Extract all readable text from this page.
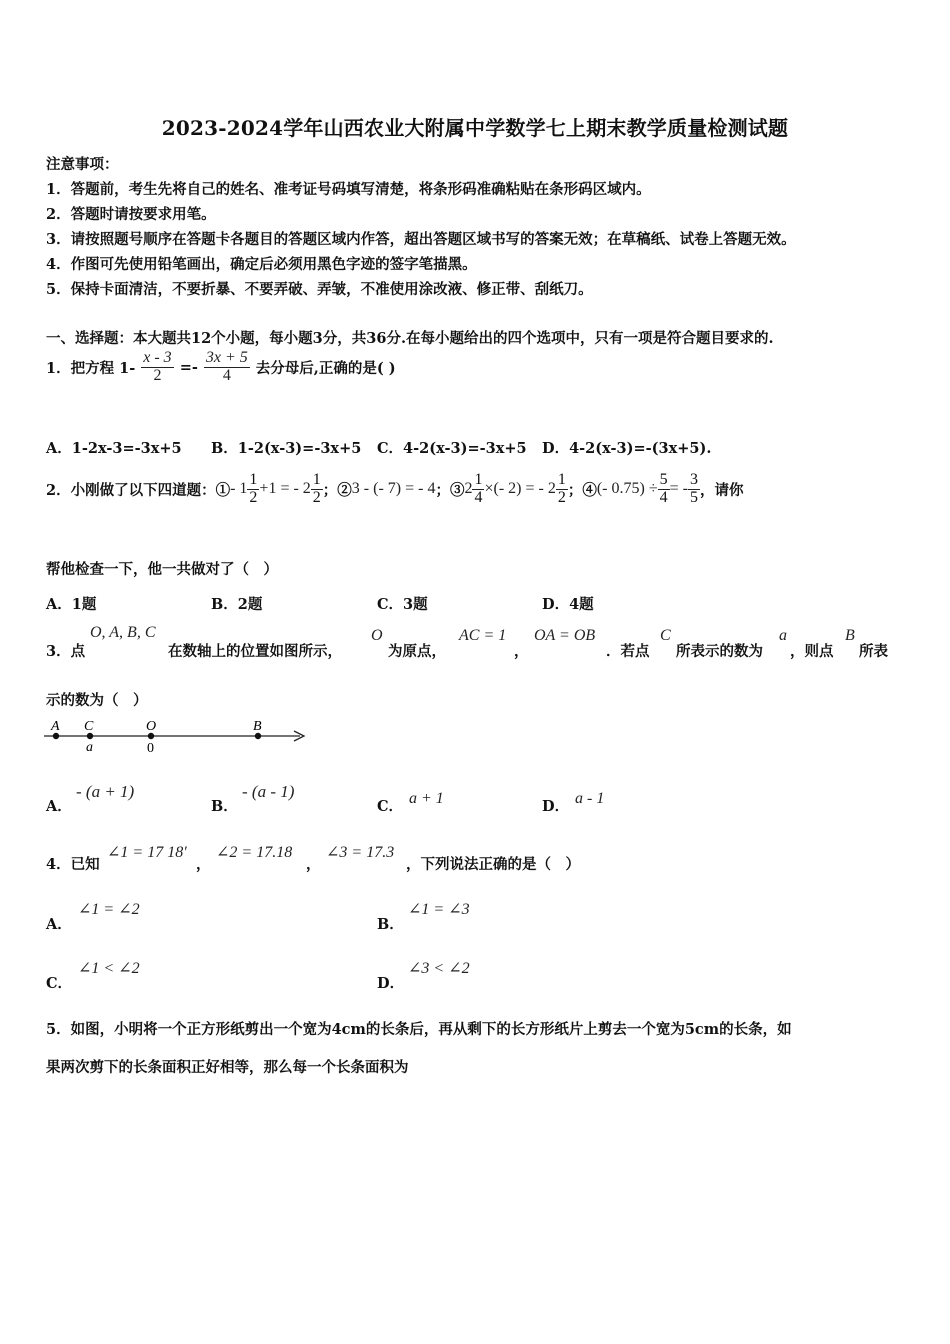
2023-2024学年山西农业大附属中学数学七上期末教学质量检测试题
注意事项：
1．答题前，考生先将自己的姓名、准考证号码填写清楚，将条形码准确粘贴在条形码区域内。
2．答题时请按要求用笔。
3．请按照题号顺序在答题卡各题目的答题区域内作答，超出答题区域书写的答案无效；在草稿纸、试卷上答题无效。
4．作图可先使用铅笔画出，确定后必须用黑色字迹的签字笔描黑。
5．保持卡面清洁，不要折暴、不要弄破、弄皱，不准使用涂改液、修正带、刮纸刀。
一、选择题：本大题共12个小题，每小题3分，共36分.在每小题给出的四个选项中，只有一项是符合题目要求的.
1．把方程 $1- \frac{x - 3}{2} =- \frac{3x + 5}{4}$ 去分母后,正确的是( )
A．1-2x-3=-3x+5 B．1-2(x-3)=-3x+5 C．4-2(x-3)=-3x+5 D．4-2(x-3)=-(3x+5).
2．小刚做了以下四道题：① - $1 \frac{1}{2} +1$ = - $2 \frac{1}{2}$ ；② 3 - (- 7) = - 4 ；③ $2 \frac{1}{4}$ ×(- 2) = - $2 \frac{1}{2}$ ；④ (- $0.75) \div \frac{5}{4}$ = - $\frac{3}{5}$ ，请你
帮他检查一下，他一共做对了（　）
A．1题	B．2题	C．3题	D．4题
3．点
O, A, B, C
在数轴上的位置如图所示，
O
为原点，
AC = 1
，
OA = OB
．若点
C
所表示的数为
a
，则点
B
所表
示的数为（　）
A C	O	B
a	0
A．
- (a + 1)
B．
- (a - 1)
C． a + 1	D． a - 1
4．已知
∠1 = 17 18′
，
∠2 = 17.18
，
∠3 = 17.3
，下列说法正确的是（　）
A．
∠1 = ∠2
B．
∠1 = ∠3
C．
∠1 < ∠2
D．
∠3 < ∠2
5．如图，小明将一个正方形纸剪出一个宽为4cm的长条后，再从剩下的长方形纸片上剪去一个宽为5cm的长条，如
果两次剪下的长条面积正好相等，那么每一个长条面积为
